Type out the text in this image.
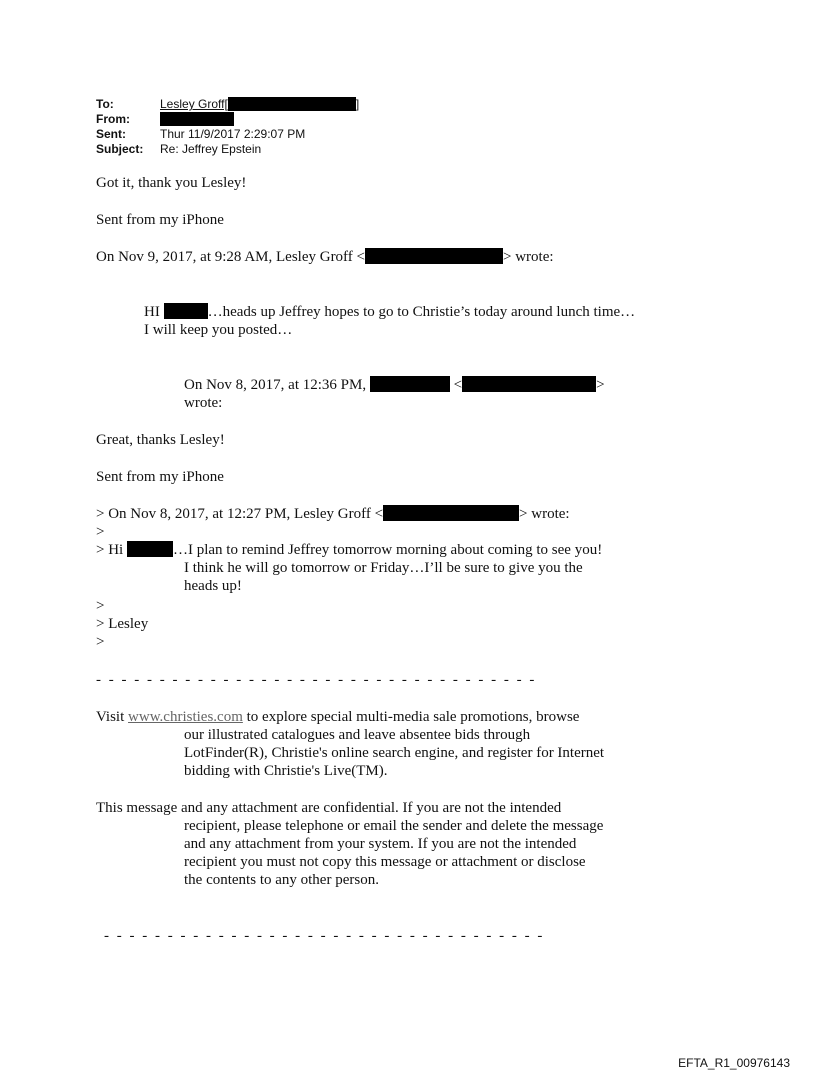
To:	Lesley Groff[	]
From:
Sent:	Thur 11/9/2017 2:29:07 PM
Subject: Re: Jeffrey Epstein
Got it, thank you Lesley!
Sent from my iPhone
On Nov 9, 2017, at 9:28 AM, Lesley Groff <	> wrote:
HI	…heads up Jeffrey hopes to go to Christie’s today around lunch time…
I will keep you posted…
On Nov 8, 2017, at 12:36 PM,	<	>
wrote:
Great, thanks Lesley!
Sent from my iPhone
> On Nov 8, 2017, at 12:27 PM, Lesley Groff <	> wrote:
>
> Hi	…I plan to remind Jeffrey tomorrow morning about coming to see you!
I think he will go tomorrow or Friday…I’ll be sure to give you the
heads up!
>
> Lesley
>
- - - - - - - - - - - - - - - - - - - - - - - - - - - - - - - - - - -
Visit www.christies.com to explore special multi-media sale promotions, browse
our illustrated catalogues and leave absentee bids through
LotFinder(R), Christie's online search engine, and register for Internet
bidding with Christie's Live(TM).
This message and any attachment are confidential. If you are not the intended
recipient, please telephone or email the sender and delete the message
and any attachment from your system. If you are not the intended
recipient you must not copy this message or attachment or disclose
the contents to any other person.
- - - - - - - - - - - - - - - - - - - - - - - - - - - - - - - - - - -
EFTA_R1_00976143
